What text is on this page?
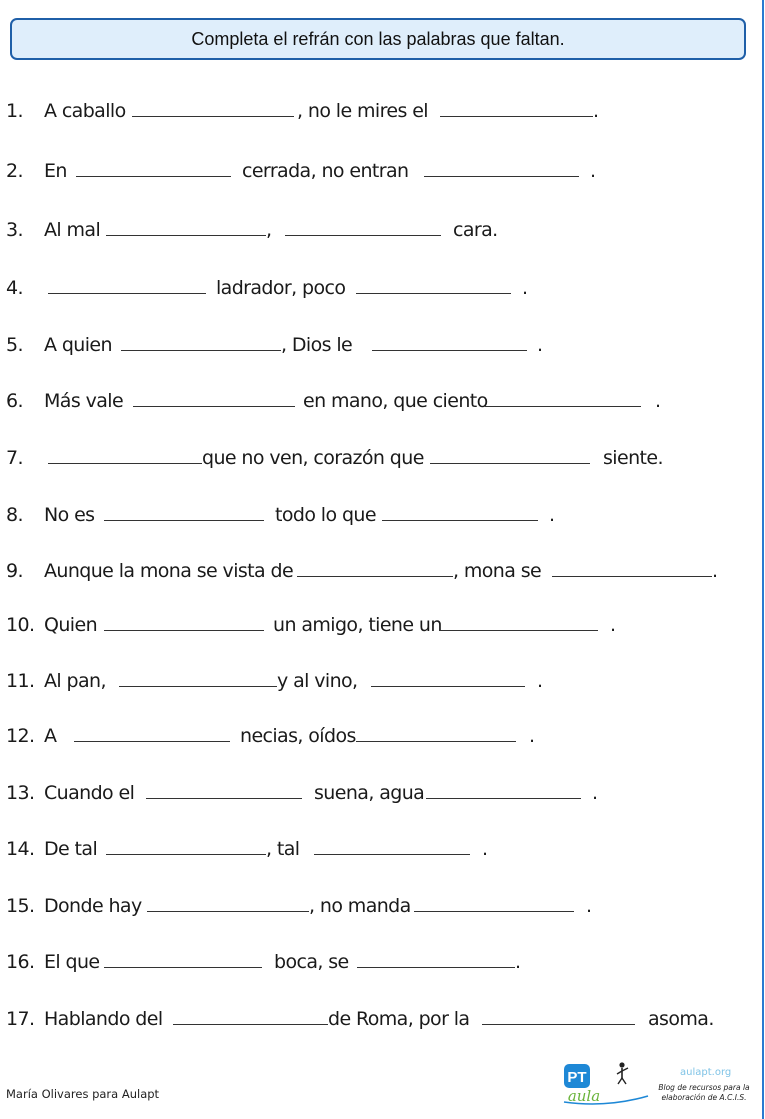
Completa el refrán con las palabras que faltan.
1. A caballo	, no le mires el	.
2. En	cerrada, no entran	.
3. Al mal	,	cara.
4.	ladrador, poco	.
5. A quien	, Dios le	.
6. Más vale	en mano, que ciento	.
7.	que no ven, corazón que	siente.
8. No es	todo lo que	.
9. Aunque la mona se vista de	, mona se	.
10. Quien	un amigo, tiene un	.
11. Al pan,	y al vino,	.
12. A	necias, oídos	.
13. Cuando el	suena, agua	.
14. De tal	, tal	.
15. Donde hay	, no manda	.
16. El que	boca, se	.
17. Hablando del	de Roma, por la	asoma.
María Olivares para Aulapt
PT
aula
aulapt.org
Blog de recursos para la elaboración de A.C.I.S.
